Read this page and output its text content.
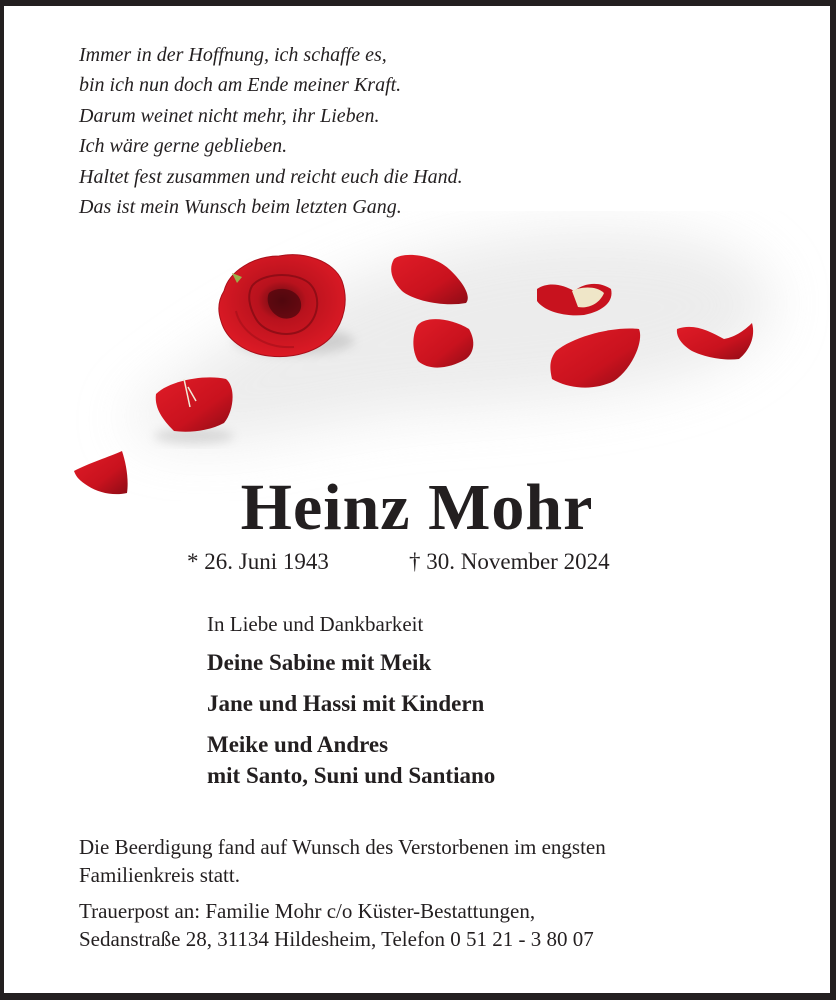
Immer in der Hoffnung, ich schaffe es,
bin ich nun doch am Ende meiner Kraft.
Darum weinet nicht mehr, ihr Lieben.
Ich wäre gerne geblieben.
Haltet fest zusammen und reicht euch die Hand.
Das ist mein Wunsch beim letzten Gang.
Heinz Mohr
* 26. Juni 1943	† 30. November 2024
In Liebe und Dankbarkeit
Deine Sabine mit Meik
Jane und Hassi mit Kindern
Meike und Andres
mit Santo, Suni und Santiano
Die Beerdigung fand auf Wunsch des Verstorbenen im engsten
Familienkreis statt.
Trauerpost an: Familie Mohr c/o Küster-Bestattungen,
Sedanstraße 28, 31134 Hildesheim, Telefon 0 51 21 - 3 80 07
